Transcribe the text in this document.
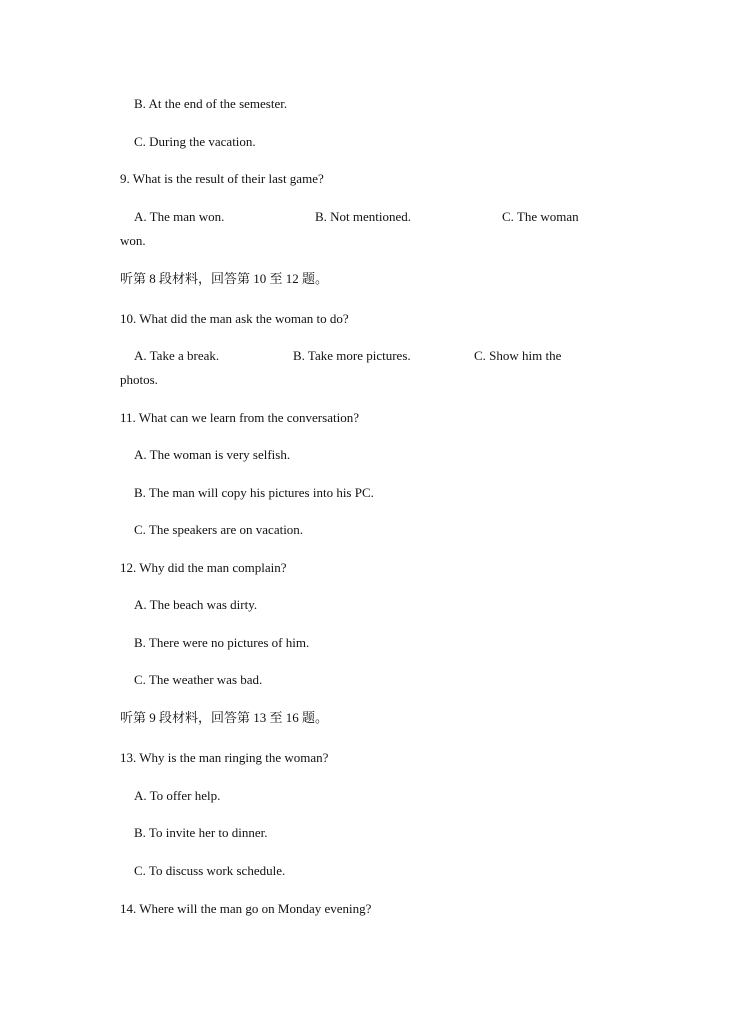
B. At the end of the semester.
C. During the vacation.
9. What is the result of their last game?
A. The man won.	B. Not mentioned.	C. The woman
won.
听第 8 段材料，回答第 10 至 12 题。
10. What did the man ask the woman to do?
A. Take a break.	B. Take more pictures.	C. Show him the
photos.
11. What can we learn from the conversation?
A. The woman is very selfish.
B. The man will copy his pictures into his PC.
C. The speakers are on vacation.
12. Why did the man complain?
A. The beach was dirty.
B. There were no pictures of him.
C. The weather was bad.
听第 9 段材料，回答第 13 至 16 题。
13. Why is the man ringing the woman?
A. To offer help.
B. To invite her to dinner.
C. To discuss work schedule.
14. Where will the man go on Monday evening?
